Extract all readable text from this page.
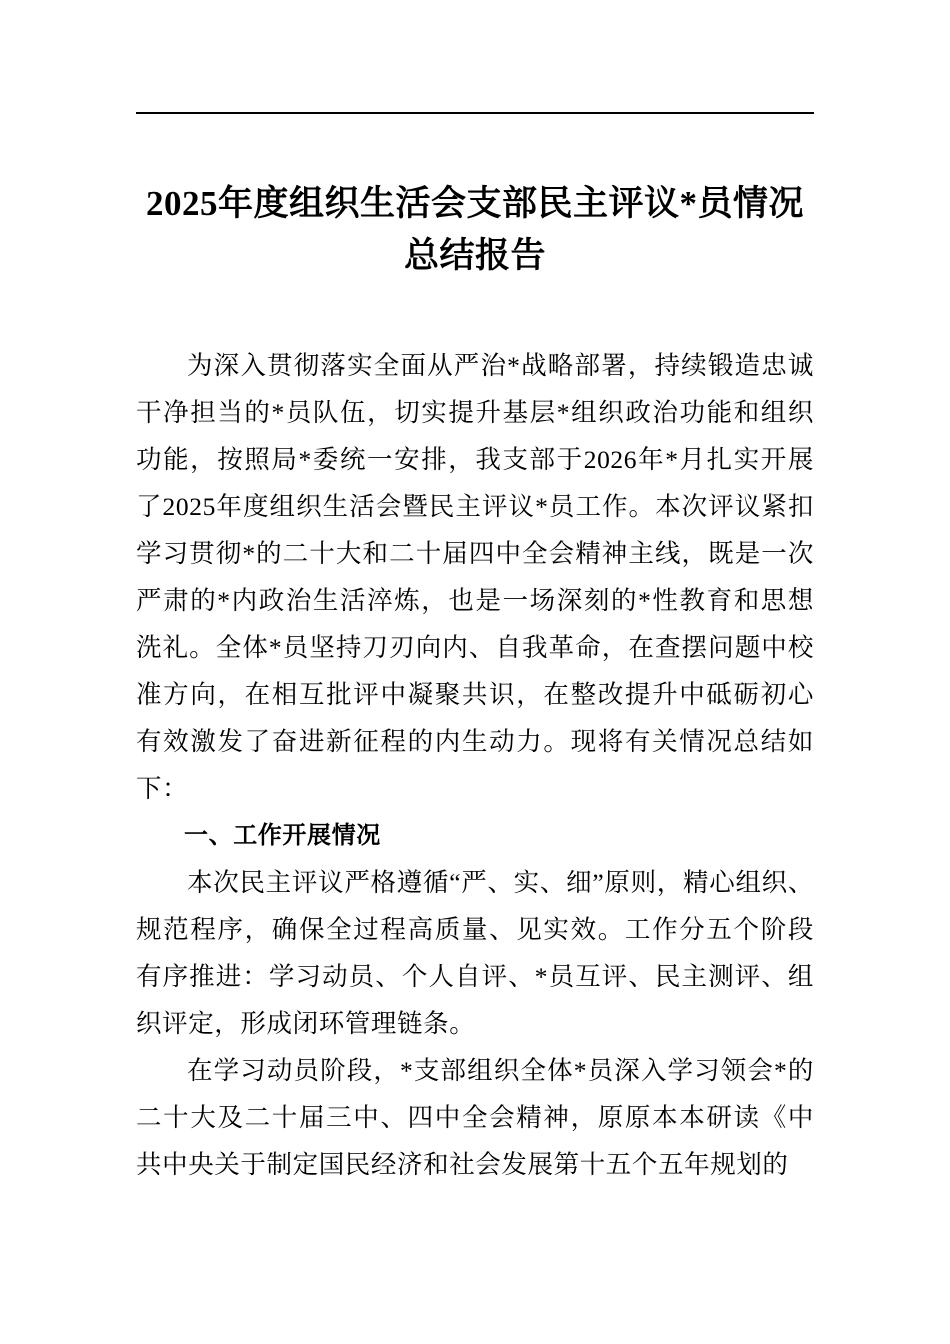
2025年度组织生活会支部民主评议*员情况总结报告

为深入贯彻落实全面从严治*战略部署，持续锻造忠诚干净担当的*员队伍，切实提升基层*组织政治功能和组织功能，按照局*委统一安排，我支部于2026年*月扎实开展了2025年度组织生活会暨民主评议*员工作。本次评议紧扣学习贯彻*的二十大和二十届四中全会精神主线，既是一次严肃的*内政治生活淬炼，也是一场深刻的*性教育和思想洗礼。全体*员坚持刀刃向内、自我革命，在查摆问题中校准方向，在相互批评中凝聚共识，在整改提升中砥砺初心有效激发了奋进新征程的内生动力。现将有关情况总结如下：

一、工作开展情况

本次民主评议严格遵循“严、实、细”原则，精心组织、规范程序，确保全过程高质量、见实效。工作分五个阶段有序推进：学习动员、个人自评、*员互评、民主测评、组织评定，形成闭环管理链条。

在学习动员阶段，*支部组织全体*员深入学习领会*的二十大及二十届三中、四中全会精神，原原本本研读《中共中央关于制定国民经济和社会发展第十五个五年规划的
